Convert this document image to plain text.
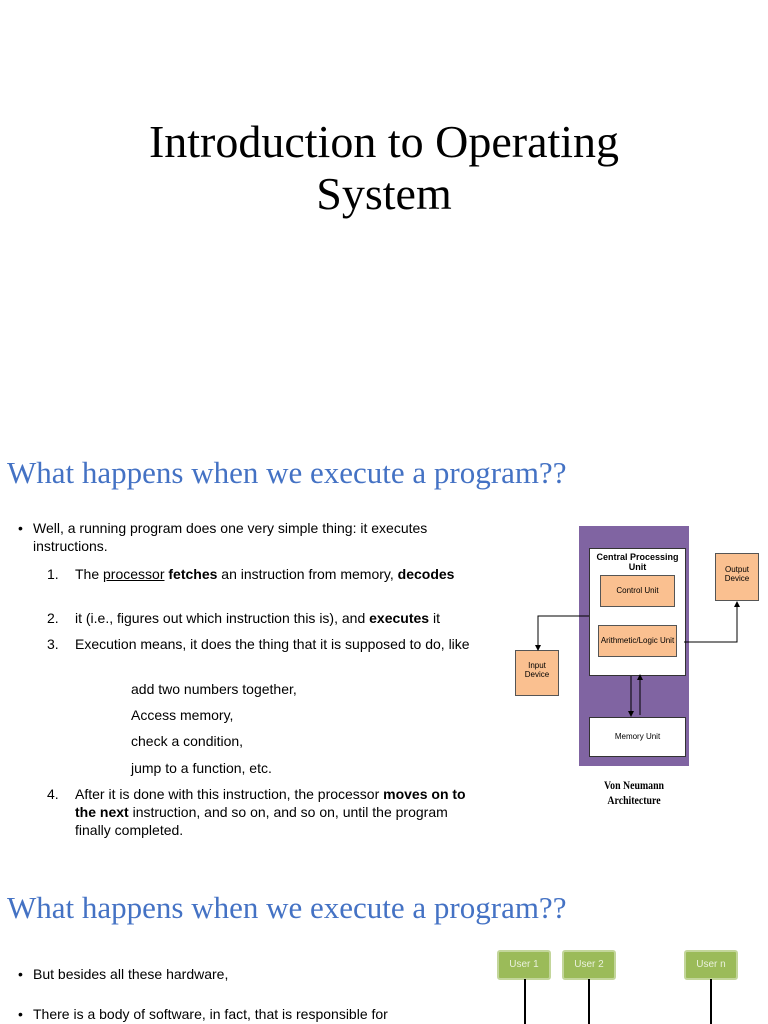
Introduction to Operating
System
What happens when we execute a program??
• Well, a running program does one very simple thing: it executes instructions.
1.	The processor fetches an instruction from memory, decodes
2.	it (i.e., figures out which instruction this is), and executes it
3.	Execution means, it does the thing that it is supposed to do, like
add two numbers together,
Access memory,
check a condition,
jump to a function, etc.
4.	After it is done with this instruction, the processor moves on to the next instruction, and so on, and so on, until the program finally completed.
Central Processing Unit
Control Unit
Arithmetic/Logic Unit
Memory Unit
Input
Device
Output
Device
Von Neumann Architecture
What happens when we execute a program??
• But besides all these hardware,
• There is a body of software, in fact, that is responsible for
User 1	User 2	User n
